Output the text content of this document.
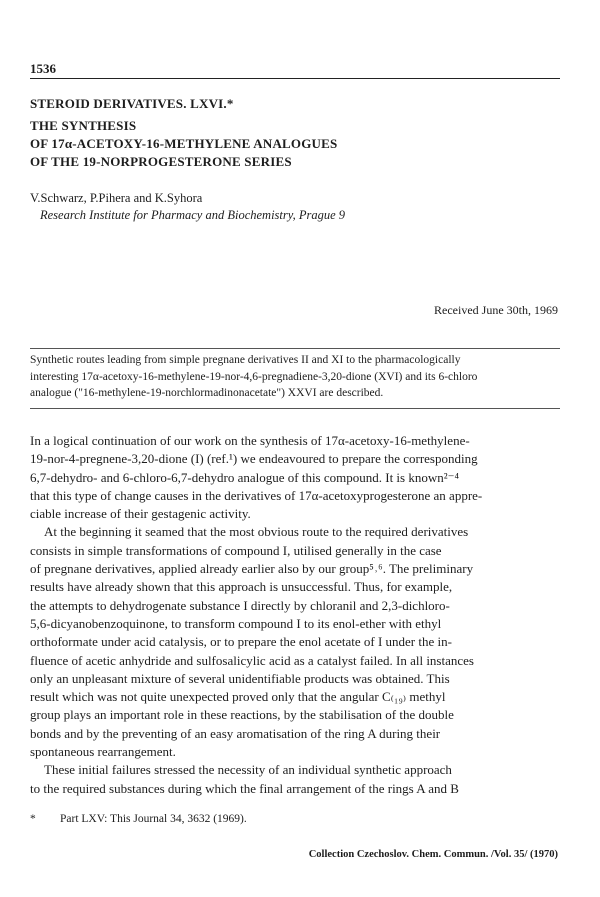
1536
STEROID DERIVATIVES. LXVI.*
THE SYNTHESIS
OF 17α-ACETOXY-16-METHYLENE ANALOGUES
OF THE 19-NORPROGESTERONE SERIES
V.Schwarz, P.Pihera and K.Syhora
Research Institute for Pharmacy and Biochemistry, Prague 9
Received June 30th, 1969
Synthetic routes leading from simple pregnane derivatives II and XI to the pharmacologically
interesting 17α-acetoxy-16-methylene-19-nor-4,6-pregnadiene-3,20-dione (XVI) and its 6-chloro
analogue ("16-methylene-19-norchlormadinonacetate") XXVI are described.
In a logical continuation of our work on the synthesis of 17α-acetoxy-16-methylene-
19-nor-4-pregnene-3,20-dione (I) (ref.¹) we endeavoured to prepare the corresponding
6,7-dehydro- and 6-chloro-6,7-dehydro analogue of this compound. It is known²⁻⁴
that this type of change causes in the derivatives of 17α-acetoxyprogesterone an appre-
ciable increase of their gestagenic activity.
At the beginning it seamed that the most obvious route to the required derivatives
consists in simple transformations of compound I, utilised generally in the case
of pregnane derivatives, applied already earlier also by our group⁵˒⁶. The preliminary
results have already shown that this approach is unsuccessful. Thus, for example,
the attempts to dehydrogenate substance I directly by chloranil and 2,3-dichloro-
5,6-dicyanobenzoquinone, to transform compound I to its enol-ether with ethyl
orthoformate under acid catalysis, or to prepare the enol acetate of I under the in-
fluence of acetic anhydride and sulfosalicylic acid as a catalyst failed. In all instances
only an unpleasant mixture of several unidentifiable products was obtained. This
result which was not quite unexpected proved only that the angular C₍₁₉₎ methyl
group plays an important role in these reactions, by the stabilisation of the double
bonds and by the preventing of an easy aromatisation of the ring A during their
spontaneous rearrangement.
These initial failures stressed the necessity of an individual synthetic approach
to the required substances during which the final arrangement of the rings A and B
* Part LXV: This Journal 34, 3632 (1969).
Collection Czechoslov. Chem. Commun. /Vol. 35/ (1970)
